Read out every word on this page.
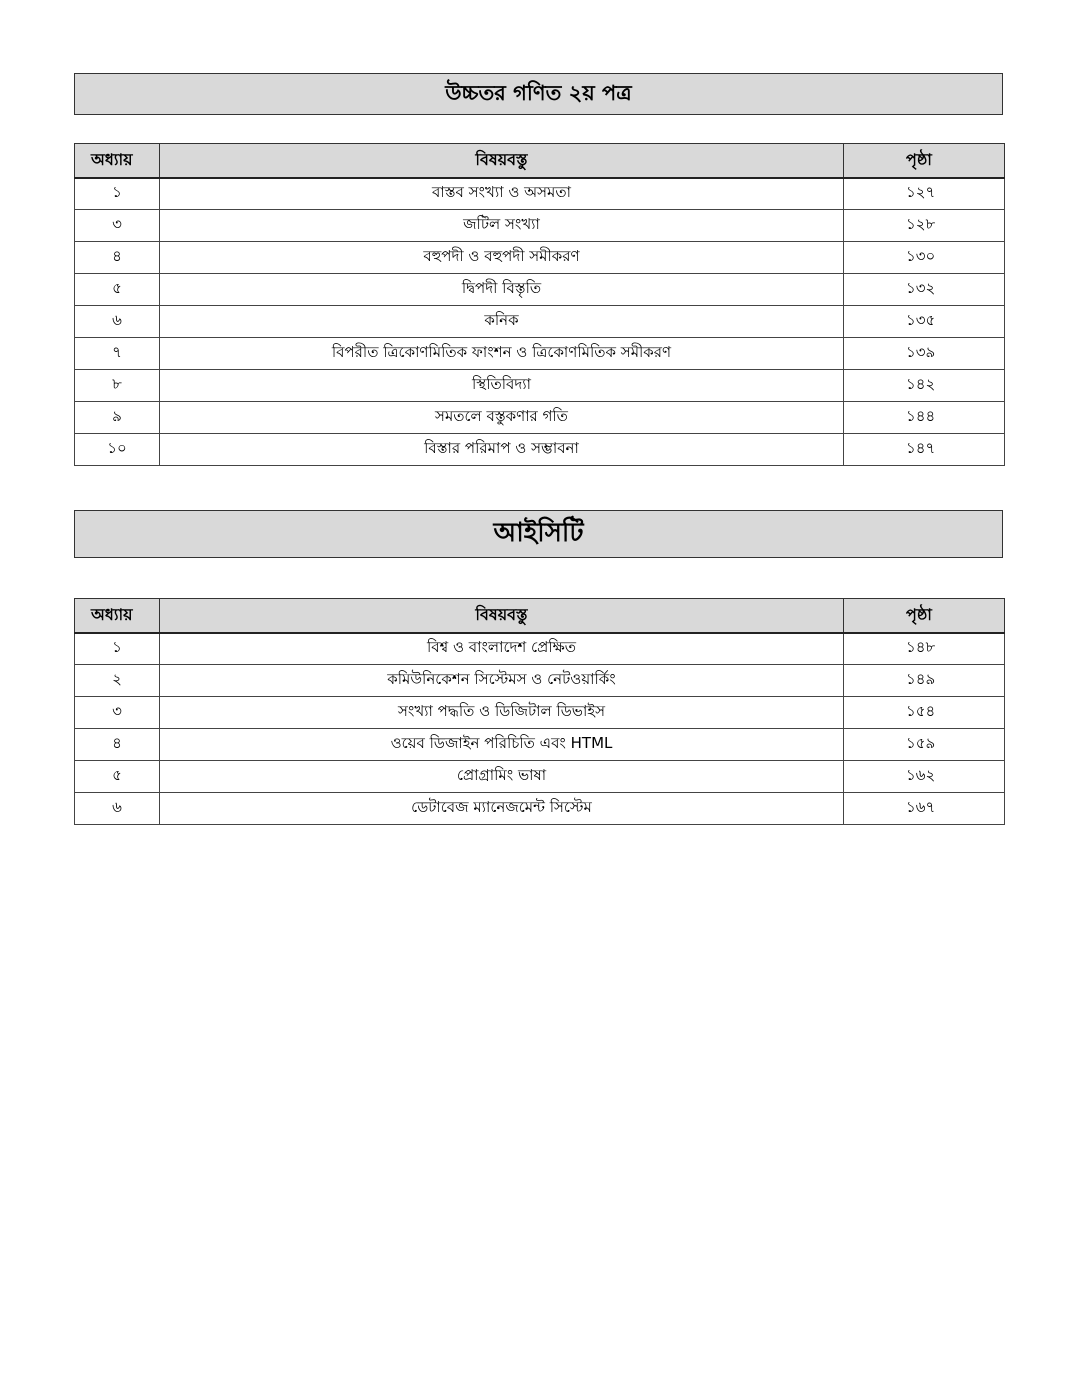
উচ্চতর গণিত ২য় পত্র
অধ্যায়	বিষয়বস্তু	পৃষ্ঠা
১	বাস্তব সংখ্যা ও অসমতা	১২৭
৩	জটিল সংখ্যা	১২৮
৪	বহুপদী ও বহুপদী সমীকরণ	১৩০
৫	দ্বিপদী বিস্তৃতি	১৩২
৬	কনিক	১৩৫
৭	বিপরীত ত্রিকোণমিতিক ফাংশন ও ত্রিকোণমিতিক সমীকরণ	১৩৯
৮	স্থিতিবিদ্যা	১৪২
৯	সমতলে বস্তুকণার গতি	১৪৪
১০	বিস্তার পরিমাপ ও সম্ভাবনা	১৪৭
আইসিটি
অধ্যায়	বিষয়বস্তু	পৃষ্ঠা
১	বিশ্ব ও বাংলাদেশ প্রেক্ষিত	১৪৮
২	কমিউনিকেশন সিস্টেমস ও নেটওয়ার্কিং	১৪৯
৩	সংখ্যা পদ্ধতি ও ডিজিটাল ডিভাইস	১৫৪
৪	ওয়েব ডিজাইন পরিচিতি এবং HTML	১৫৯
৫	প্রোগ্রামিং ভাষা	১৬২
৬	ডেটাবেজ ম্যানেজমেন্ট সিস্টেম	১৬৭
